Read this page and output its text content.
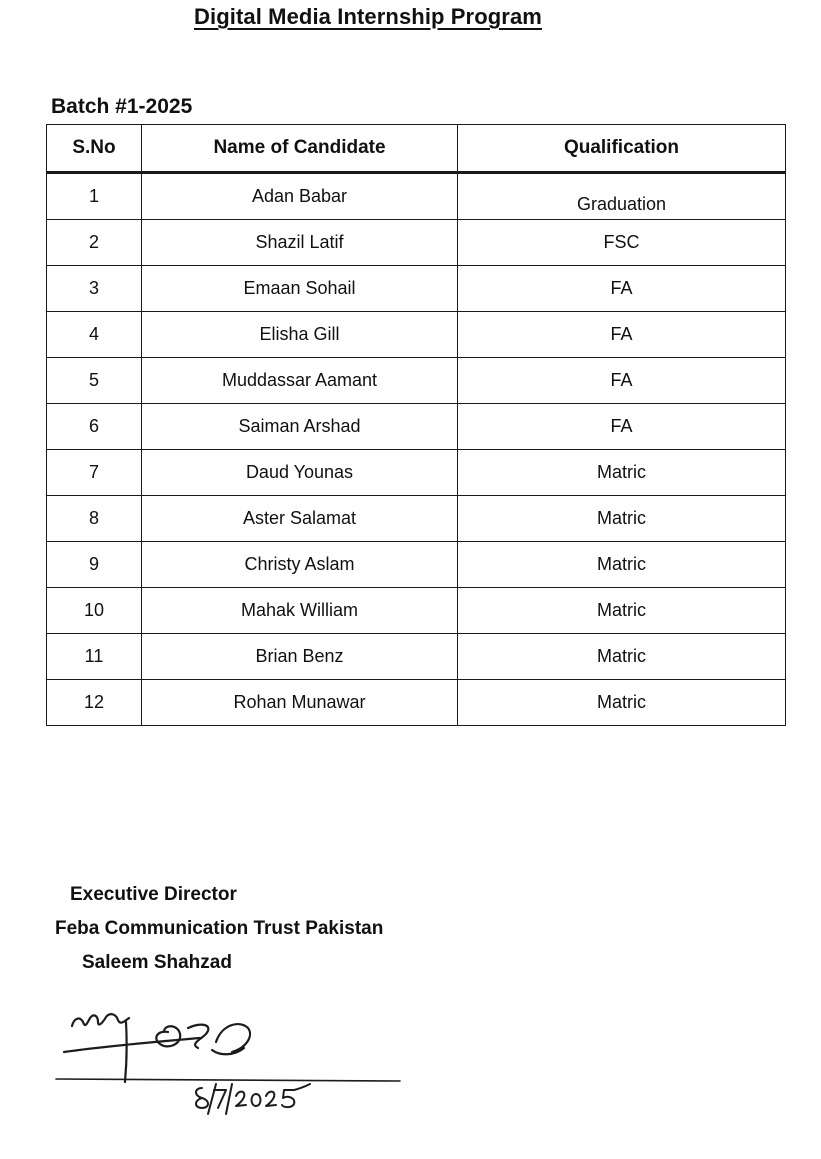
Digital Media Internship Program
Batch #1-2025
S.No	Name of Candidate	Qualification
1	Adan Babar	Graduation
2	Shazil Latif	FSC
3	Emaan Sohail	FA
4	Elisha Gill	FA
5	Muddassar Aamant	FA
6	Saiman Arshad	FA
7	Daud Younas	Matric
8	Aster Salamat	Matric
9	Christy Aslam	Matric
10	Mahak William	Matric
11	Brian Benz	Matric
12	Rohan Munawar	Matric
Executive Director
Feba Communication Trust Pakistan
Saleem Shahzad
